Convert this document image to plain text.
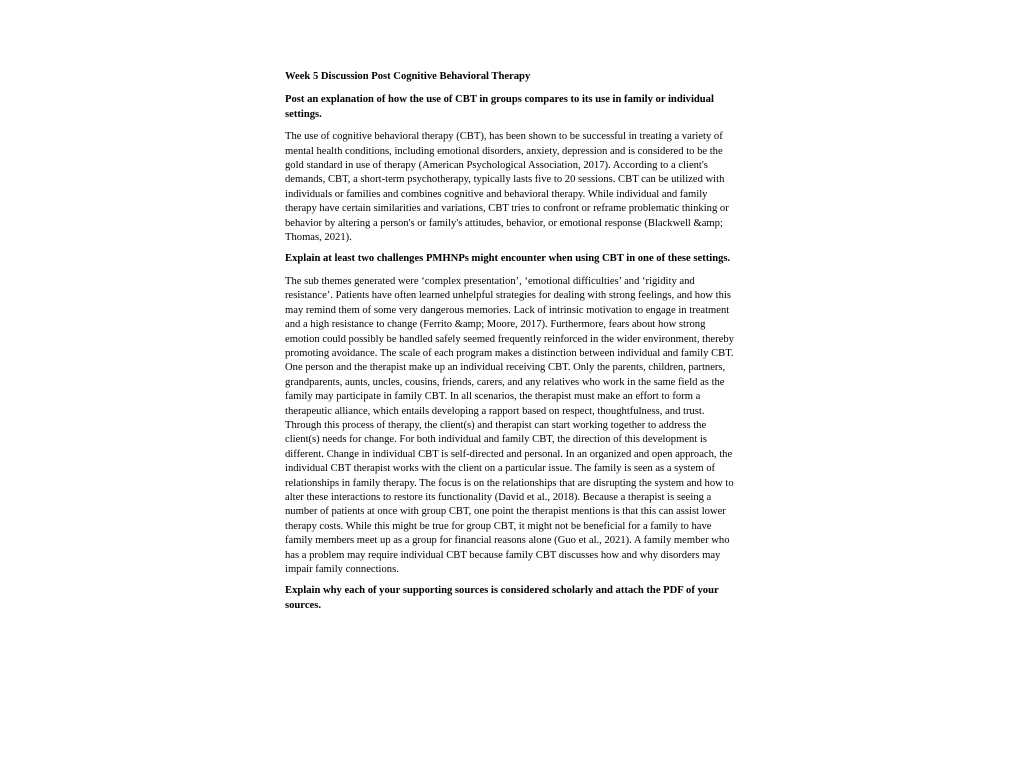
Week 5 Discussion Post Cognitive Behavioral Therapy
Post an explanation of how the use of CBT in groups compares to its use in family or individual settings.
The use of cognitive behavioral therapy (CBT), has been shown to be successful in treating a variety of mental health conditions, including emotional disorders, anxiety, depression and is considered to be the gold standard in use of therapy (American Psychological Association, 2017). According to a client's demands, CBT, a short-term psychotherapy, typically lasts five to 20 sessions. CBT can be utilized with individuals or families and combines cognitive and behavioral therapy. While individual and family therapy have certain similarities and variations, CBT tries to confront or reframe problematic thinking or behavior by altering a person's or family's attitudes, behavior, or emotional response (Blackwell &amp; Thomas, 2021).
Explain at least two challenges PMHNPs might encounter when using CBT in one of these settings.
The sub themes generated were ‘complex presentation’, ‘emotional difficulties’ and ‘rigidity and resistance’. Patients have often learned unhelpful strategies for dealing with strong feelings, and how this may remind them of some very dangerous memories. Lack of intrinsic motivation to engage in treatment and a high resistance to change (Ferrito &amp; Moore, 2017). Furthermore, fears about how strong emotion could possibly be handled safely seemed frequently reinforced in the wider environment, thereby promoting avoidance. The scale of each program makes a distinction between individual and family CBT. One person and the therapist make up an individual receiving CBT. Only the parents, children, partners, grandparents, aunts, uncles, cousins, friends, carers, and any relatives who work in the same field as the family may participate in family CBT. In all scenarios, the therapist must make an effort to form a therapeutic alliance, which entails developing a rapport based on respect, thoughtfulness, and trust. Through this process of therapy, the client(s) and therapist can start working together to address the client(s) needs for change. For both individual and family CBT, the direction of this development is different. Change in individual CBT is self-directed and personal. In an organized and open approach, the individual CBT therapist works with the client on a particular issue. The family is seen as a system of relationships in family therapy. The focus is on the relationships that are disrupting the system and how to alter these interactions to restore its functionality (David et al., 2018). Because a therapist is seeing a number of patients at once with group CBT, one point the therapist mentions is that this can assist lower therapy costs. While this might be true for group CBT, it might not be beneficial for a family to have family members meet up as a group for financial reasons alone (Guo et al., 2021). A family member who has a problem may require individual CBT because family CBT discusses how and why disorders may impair family connections.
Explain why each of your supporting sources is considered scholarly and attach the PDF of your sources.
